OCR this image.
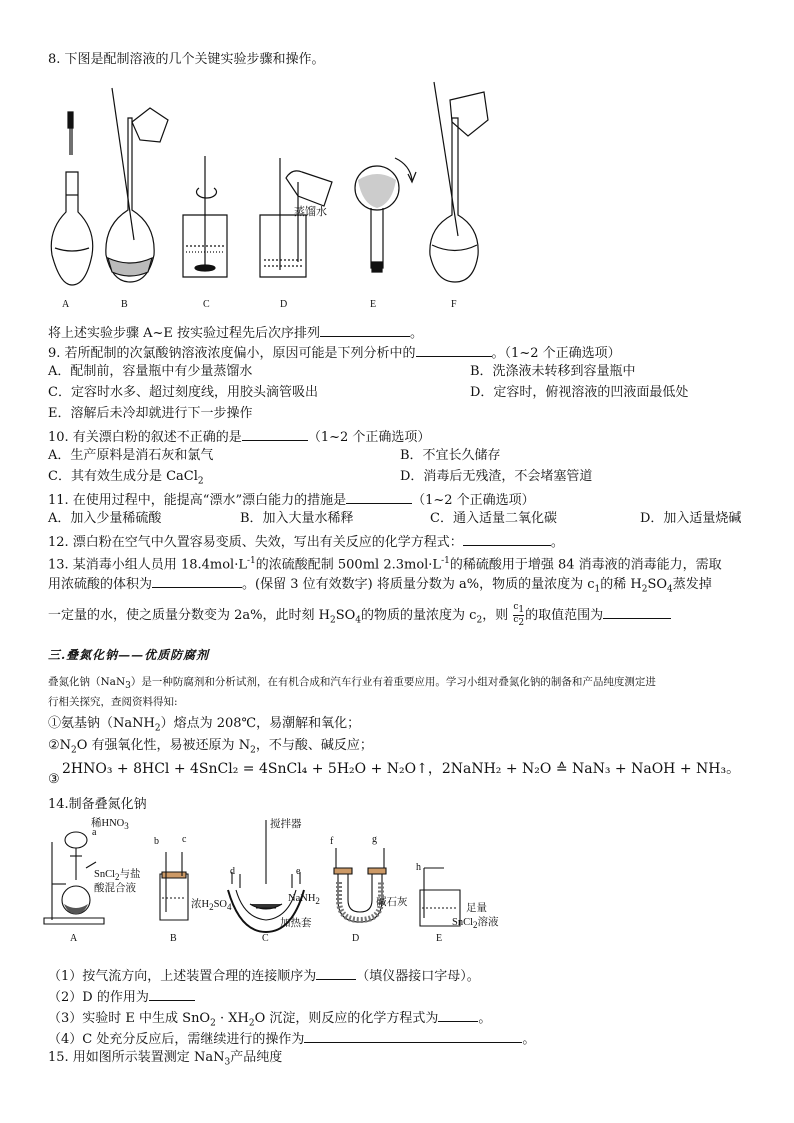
8. 下图是配制溶液的几个关键实验步骤和操作。
蒸馏水
A	B	C	D	E	F
将上述实验步骤 A~E 按实验过程先后次序排列	。
9. 若所配制的次氯酸钠溶液浓度偏小，原因可能是下列分析中的	。（1~2 个正确选项）
A．配制前，容量瓶中有少量蒸馏水	B．洗涤液未转移到容量瓶中
C．定容时水多、超过刻度线，用胶头滴管吸出	D．定容时，俯视溶液的凹液面最低处
E．溶解后未冷却就进行下一步操作
10. 有关漂白粉的叙述不正确的是	（1~2 个正确选项）
A．生产原料是消石灰和氯气	B．不宜长久储存
C．其有效生成分是 CaCl$_2$	D．消毒后无残渣，不会堵塞管道
11. 在使用过程中，能提高“漂水”漂白能力的措施是	（1~2 个正确选项）
A．加入少量稀硫酸	B．加入大量水稀释	C．通入适量二氧化碳	D．加入适量烧碱
12. 漂白粉在空气中久置容易变质、失效，写出有关反应的化学方程式：	。
13. 某消毒小组人员用 $18.4mol\cdot L^{-1}$的浓硫酸配制 500ml $2.3mol\cdot L^{-1}$的稀硫酸用于增强 84 消毒液的消毒能力，需取
用浓硫酸的体积为	。(保留 3 位有效数字) 将质量分数为 a%，物质的量浓度为 $c_1$的稀 $H_2SO_4$蒸发掉
一定量的水，使之质量分数变为 2a%，此时刻 $H_2SO_4$的物质的量浓度为 $c_2$，则 $\frac{c_1}{c_2}$ 的取值范围为
三.叠氮化钠——优质防腐剂
叠氮化钠（NaN$_3$）是一种防腐剂和分析试剂，在有机合成和汽车行业有着重要应用。学习小组对叠氮化钠的制备和产品纯度测定进
行相关探究，查阅资料得知:
①氨基钠（NaNH$_2$）熔点为 208℃，易潮解和氧化；
$②N_2O$ 有强氧化性，易被还原为 $N_2$，不与酸、碱反应；
③
2HNO₃ + 8HCl + 4SnCl₂ = 4SnCl₄ + 5H₂O + N₂O↑，2NaNH₂ + N₂O ≙ NaN₃ + NaOH + NH₃。
14.制备叠氮化钠
稀$HNO_3$
a
SnCl$_2$与盐
酸混合液
b c
浓$H_2SO_4$
搅拌器
d	e
NaNH$_2$
加热套
f	g
碱石灰
h
足量
SnCl$_2$溶液
A	B	C	D	E
（1）按气流方向，上述装置合理的连接顺序为	（填仪器接口字母）。
（2）D 的作用为
（3）实验时 E 中生成 $SnO_2 \cdot XH_2O$ 沉淀，则反应的化学方程式为	。
（4）C 处充分反应后，需继续进行的操作为	。
15. 用如图所示装置测定 NaN$_3$产品纯度
